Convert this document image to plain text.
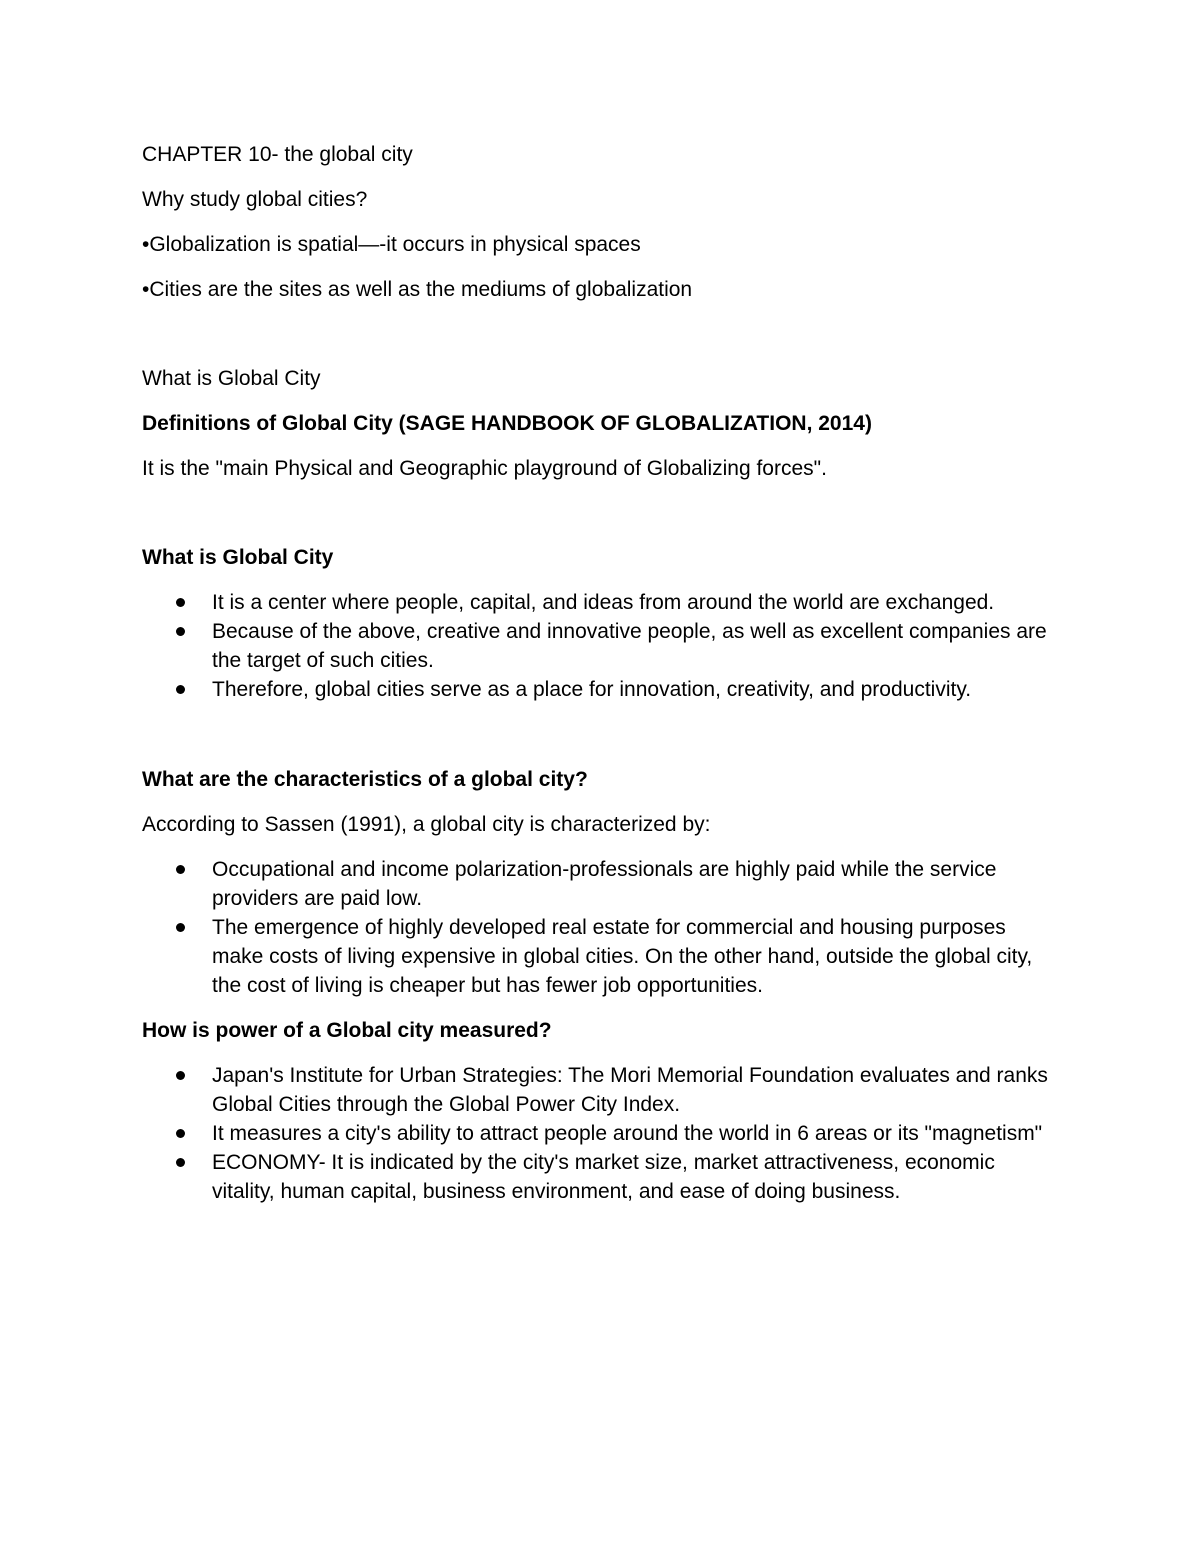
CHAPTER 10- the global city

Why study global cities?

•Globalization is spatial—-it occurs in physical spaces

•Cities are the sites as well as the mediums of globalization

What is Global City

Definitions of Global City (SAGE HANDBOOK OF GLOBALIZATION, 2014)

It is the "main Physical and Geographic playground of Globalizing forces".

What is Global City

It is a center where people, capital, and ideas from around the world are exchanged.
Because of the above, creative and innovative people, as well as excellent companies are the target of such cities.
Therefore, global cities serve as a place for innovation, creativity, and productivity.

What are the characteristics of a global city?

According to Sassen (1991), a global city is characterized by:

Occupational and income polarization-professionals are highly paid while the service providers are paid low.
The emergence of highly developed real estate for commercial and housing purposes make costs of living expensive in global cities. On the other hand, outside the global city, the cost of living is cheaper but has fewer job opportunities.

How is power of a Global city measured?

Japan's Institute for Urban Strategies: The Mori Memorial Foundation evaluates and ranks Global Cities through the Global Power City Index.
It measures a city's ability to attract people around the world in 6 areas or its "magnetism"
ECONOMY- It is indicated by the city's market size, market attractiveness, economic vitality, human capital, business environment, and ease of doing business.
